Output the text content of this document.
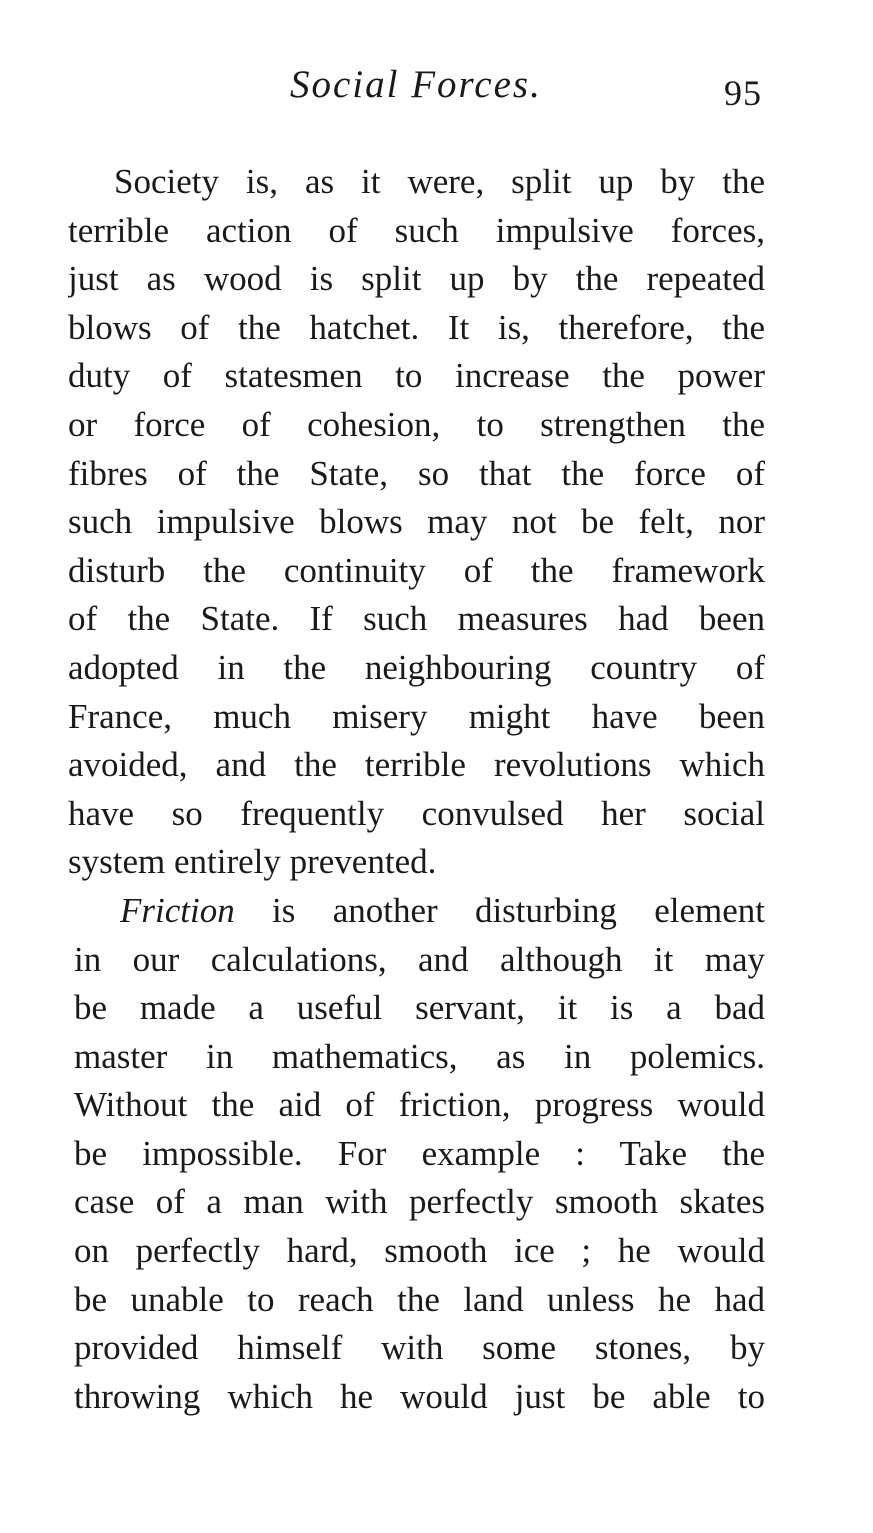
Social Forces.	95
Society is, as it were, split up by the
terrible action of such impulsive forces,
just as wood is split up by the repeated
blows of the hatchet. It is, therefore, the
duty of statesmen to increase the power
or force of cohesion, to strengthen the
fibres of the State, so that the force of
such impulsive blows may not be felt, nor
disturb the continuity of the framework
of the State. If such measures had been
adopted in the neighbouring country of
France, much misery might have been
avoided, and the terrible revolutions which
have so frequently convulsed her social
system entirely prevented.
Friction is another disturbing element
in our calculations, and although it may
be made a useful servant, it is a bad
master in mathematics, as in polemics.
Without the aid of friction, progress would
be impossible. For example : Take the
case of a man with perfectly smooth skates
on perfectly hard, smooth ice ; he would
be unable to reach the land unless he had
provided himself with some stones, by
throwing which he would just be able to
